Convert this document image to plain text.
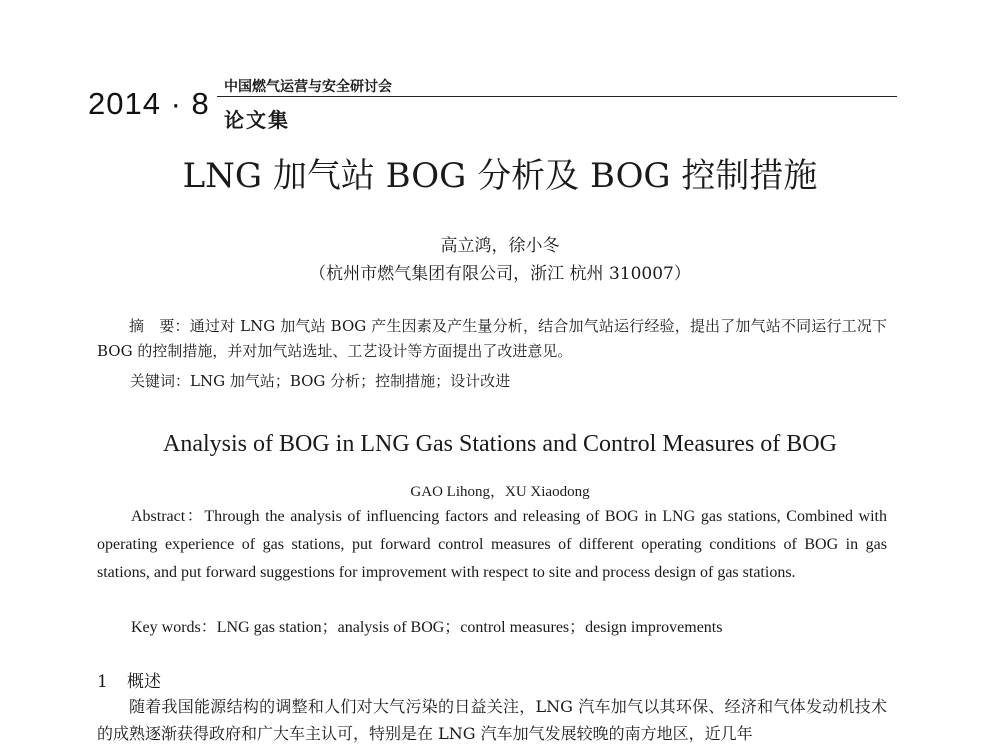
2014 · 8 中国燃气运营与安全研讨会
论文集
LNG 加气站 BOG 分析及 BOG 控制措施
高立鸿，徐小冬
（杭州市燃气集团有限公司，浙江 杭州 310007）

摘　要：通过对 LNG 加气站 BOG 产生因素及产生量分析，结合加气站运行经验，提出了加气站不同运行工况下 BOG 的控制措施，并对加气站选址、工艺设计等方面提出了改进意见。

关键词：LNG 加气站；BOG 分析；控制措施；设计改进
Analysis of BOG in LNG Gas Stations and Control Measures of BOG
GAO Lihong，XU Xiaodong

Abstract：Through the analysis of influencing factors and releasing of BOG in LNG gas stations, Combined with operating experience of gas stations, put forward control measures of different operating conditions of BOG in gas stations, and put forward suggestions for improvement with respect to site and process design of gas stations.

Key words：LNG gas station；analysis of BOG；control measures；design improvements
1 概述

随着我国能源结构的调整和人们对大气污染的日益关注，LNG 汽车加气以其环保、经济和气体发动机技术的成熟逐渐获得政府和广大车主认可，特别是在 LNG 汽车加气发展较晚的南方地区，近几年
